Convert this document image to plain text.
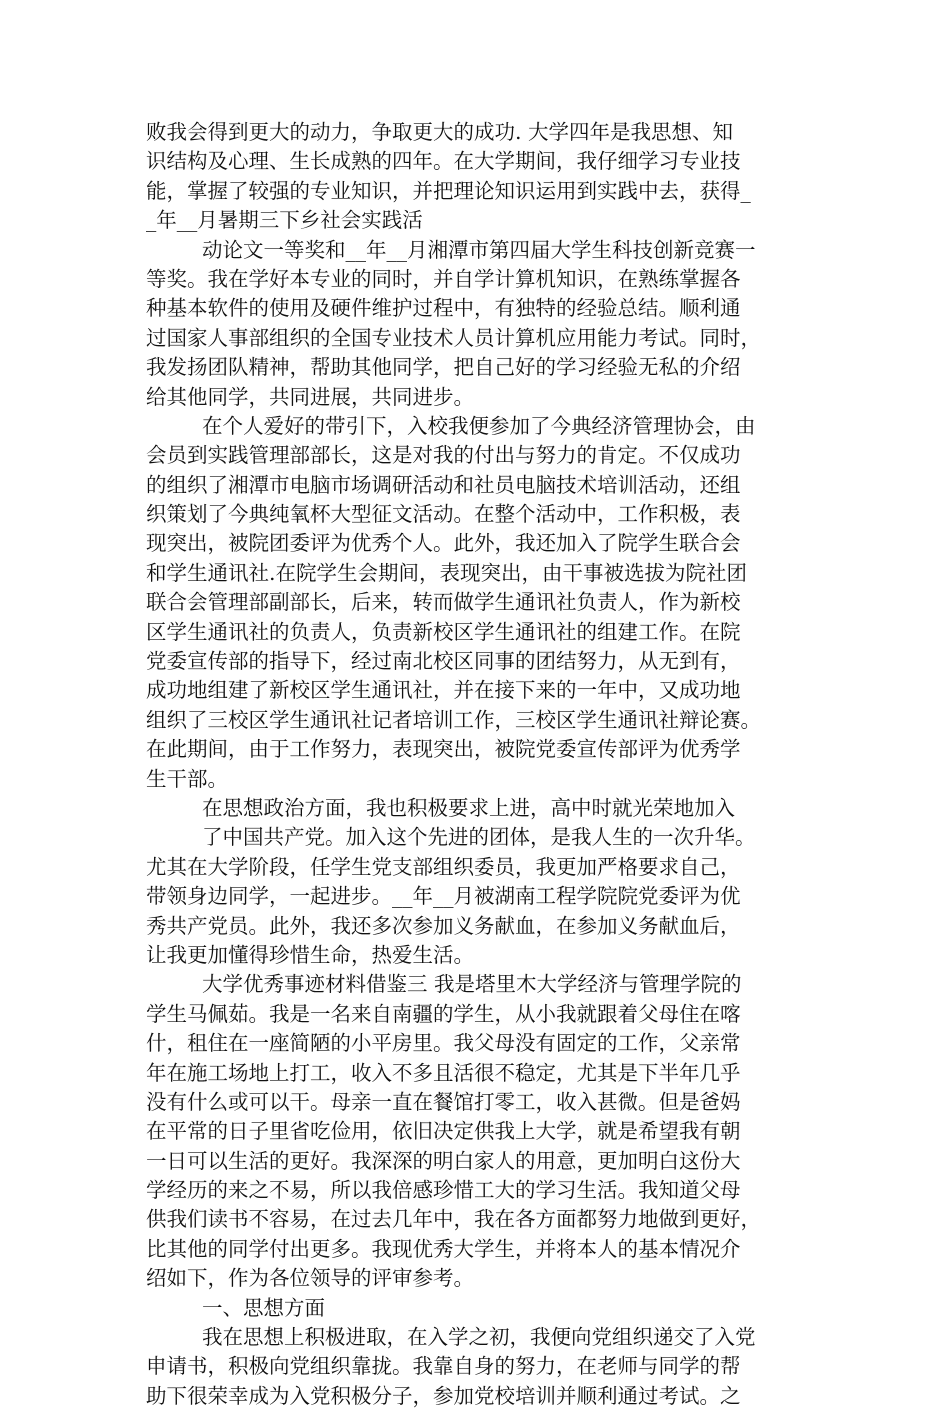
败我会得到更大的动力，争取更大的成功. 大学四年是我思想、知
识结构及心理、生长成熟的四年。在大学期间，我仔细学习专业技
能，掌握了较强的专业知识，并把理论知识运用到实践中去，获得_
_年__月暑期三下乡社会实践活
动论文一等奖和__年__月湘潭市第四届大学生科技创新竞赛一
等奖。我在学好本专业的同时，并自学计算机知识，在熟练掌握各
种基本软件的使用及硬件维护过程中，有独特的经验总结。顺利通
过国家人事部组织的全国专业技术人员计算机应用能力考试。同时，
我发扬团队精神，帮助其他同学，把自己好的学习经验无私的介绍
给其他同学，共同进展，共同进步。
在个人爱好的带引下，入校我便参加了今典经济管理协会，由
会员到实践管理部部长，这是对我的付出与努力的肯定。不仅成功
的组织了湘潭市电脑市场调研活动和社员电脑技术培训活动，还组
织策划了今典纯氧杯大型征文活动。在整个活动中，工作积极，表
现突出，被院团委评为优秀个人。此外，我还加入了院学生联合会
和学生通讯社.在院学生会期间，表现突出，由干事被选拔为院社团
联合会管理部副部长，后来，转而做学生通讯社负责人，作为新校
区学生通讯社的负责人，负责新校区学生通讯社的组建工作。在院
党委宣传部的指导下，经过南北校区同事的团结努力，从无到有，
成功地组建了新校区学生通讯社，并在接下来的一年中，又成功地
组织了三校区学生通讯社记者培训工作，三校区学生通讯社辩论赛。
在此期间，由于工作努力，表现突出，被院党委宣传部评为优秀学
生干部。
在思想政治方面，我也积极要求上进，高中时就光荣地加入
了中国共产党。加入这个先进的团体，是我人生的一次升华。
尤其在大学阶段，任学生党支部组织委员，我更加严格要求自己，
带领身边同学，一起进步。__年__月被湖南工程学院院党委评为优
秀共产党员。此外，我还多次参加义务献血，在参加义务献血后，
让我更加懂得珍惜生命，热爱生活。
大学优秀事迹材料借鉴三 我是塔里木大学经济与管理学院的
学生马佩茹。我是一名来自南疆的学生，从小我就跟着父母住在喀
什，租住在一座简陋的小平房里。我父母没有固定的工作，父亲常
年在施工场地上打工，收入不多且活很不稳定，尤其是下半年几乎
没有什么或可以干。母亲一直在餐馆打零工，收入甚微。但是爸妈
在平常的日子里省吃俭用，依旧决定供我上大学，就是希望我有朝
一日可以生活的更好。我深深的明白家人的用意，更加明白这份大
学经历的来之不易，所以我倍感珍惜工大的学习生活。我知道父母
供我们读书不容易，在过去几年中，我在各方面都努力地做到更好，
比其他的同学付出更多。我现优秀大学生，并将本人的基本情况介
绍如下，作为各位领导的评审参考。
一、思想方面
我在思想上积极进取，在入学之初，我便向党组织递交了入党
申请书，积极向党组织靠拢。我靠自身的努力，在老师与同学的帮
助下很荣幸成为入党积极分子，参加党校培训并顺利通过考试。之
